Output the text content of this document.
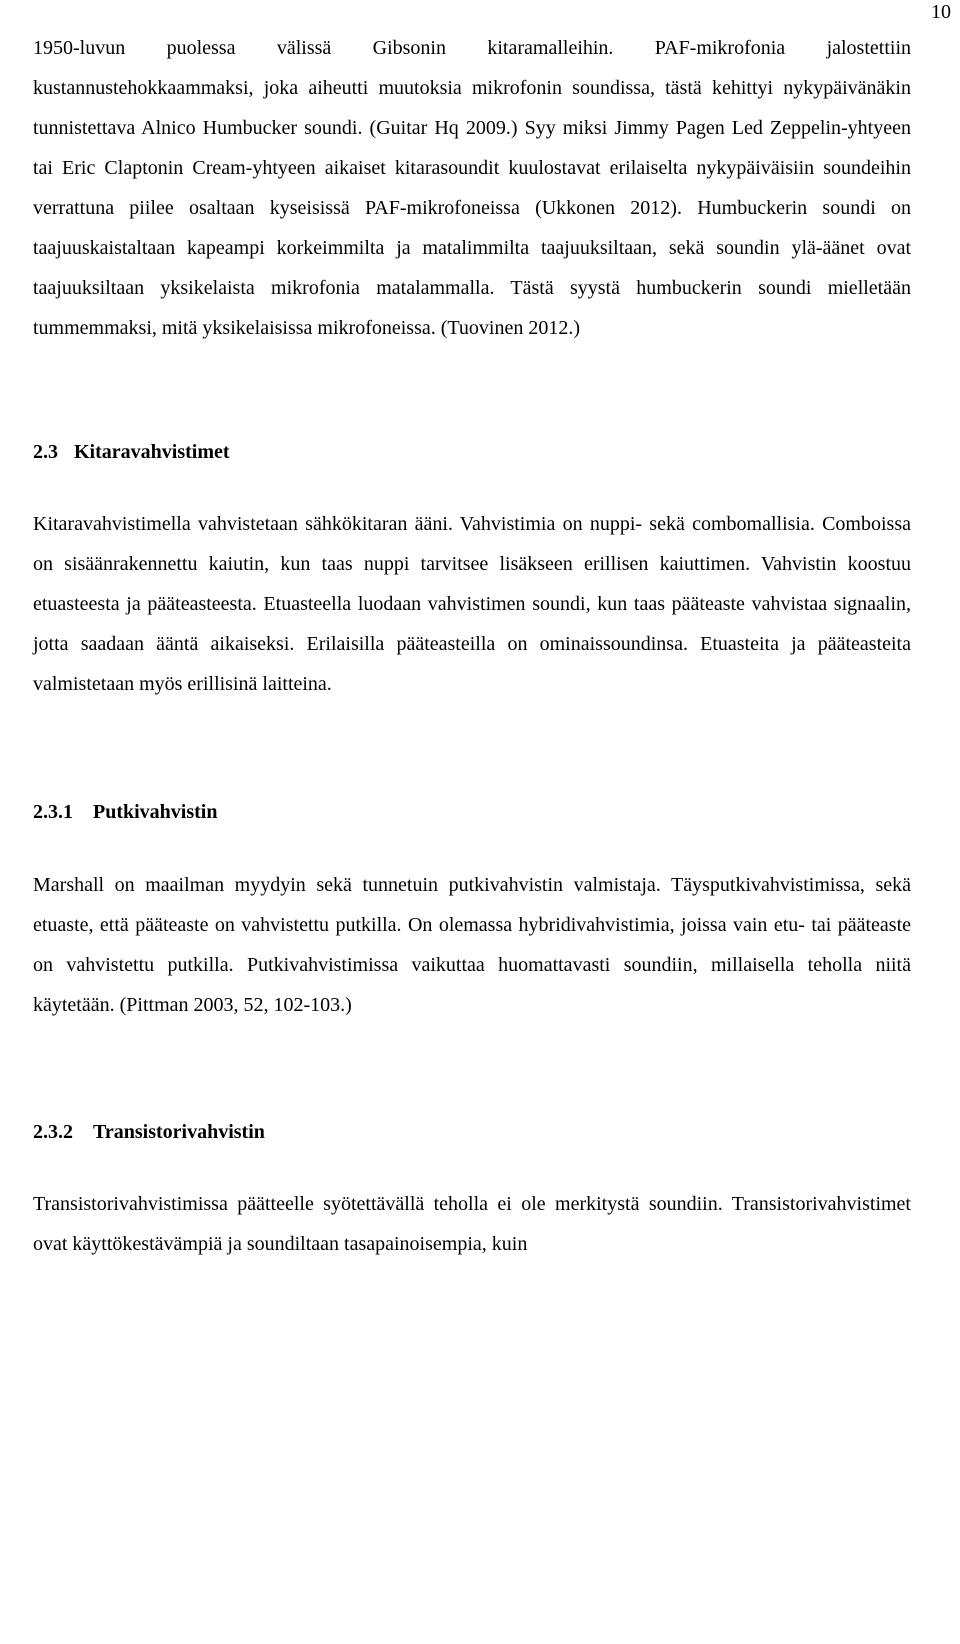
10

1950-luvun puolessa välissä Gibsonin kitaramalleihin. PAF-mikrofonia jalostettiin kustannustehokkaammaksi, joka aiheutti muutoksia mikrofonin soundissa, tästä kehittyi nykypäivänäkin tunnistettava Alnico Humbucker soundi. (Guitar Hq 2009.) Syy miksi Jimmy Pagen Led Zeppelin-yhtyeen tai Eric Claptonin Cream-yhtyeen aikaiset kitarasoundit kuulostavat erilaiselta nykypäiväisiin soundeihin verrattuna piilee osaltaan kyseisissä PAF-mikrofoneissa (Ukkonen 2012). Humbuckerin soundi on taajuuskaistaltaan kapeampi korkeimmilta ja matalimmilta taajuuksiltaan, sekä soundin ylä-äänet ovat taajuuksiltaan yksikelaista mikrofonia matalammalla. Tästä syystä humbuckerin soundi mielletään tummemmaksi, mitä yksikelaisissa mikrofoneissa. (Tuovinen 2012.)

2.3 Kitaravahvistimet

Kitaravahvistimella vahvistetaan sähkökitaran ääni. Vahvistimia on nuppi- sekä combomallisia. Comboissa on sisäänrakennettu kaiutin, kun taas nuppi tarvitsee lisäkseen erillisen kaiuttimen. Vahvistin koostuu etuasteesta ja pääteasteesta. Etuasteella luodaan vahvistimen soundi, kun taas pääteaste vahvistaa signaalin, jotta saadaan ääntä aikaiseksi. Erilaisilla pääteasteilla on ominaissoundinsa. Etuasteita ja pääteasteita valmistetaan myös erillisinä laitteina.

2.3.1 Putkivahvistin

Marshall on maailman myydyin sekä tunnetuin putkivahvistin valmistaja. Täysputkivahvistimissa, sekä etuaste, että pääteaste on vahvistettu putkilla. On olemassa hybridivahvistimia, joissa vain etu- tai pääteaste on vahvistettu putkilla. Putkivahvistimissa vaikuttaa huomattavasti soundiin, millaisella teholla niitä käytetään. (Pittman 2003, 52, 102-103.)

2.3.2 Transistorivahvistin

Transistorivahvistimissa päätteelle syötettävällä teholla ei ole merkitystä soundiin. Transistorivahvistimet ovat käyttökestävämpiä ja soundiltaan tasapainoisempia, kuin
